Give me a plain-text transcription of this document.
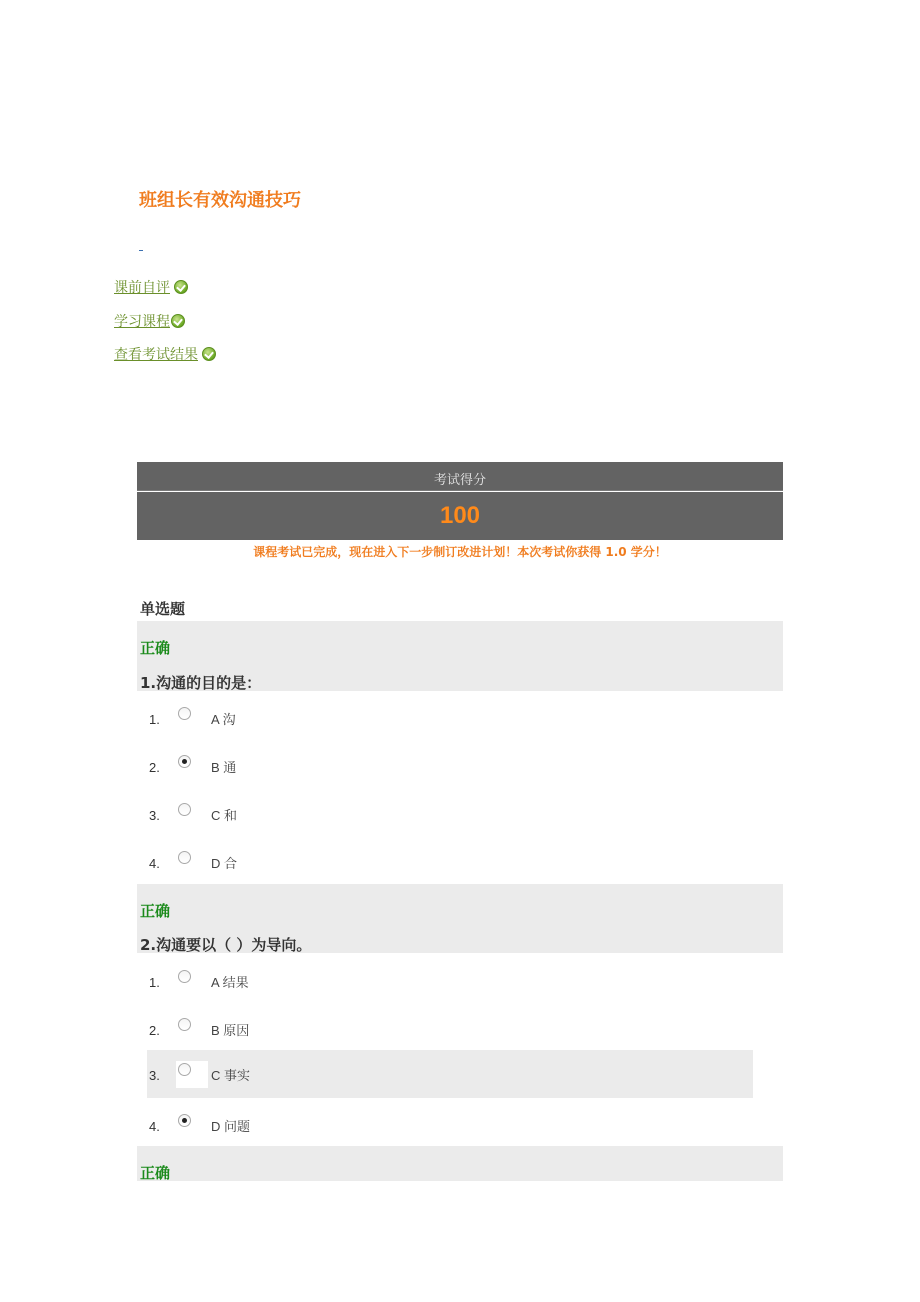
班组长有效沟通技巧
课前自评
学习课程
查看考试结果
考试得分
100
课程考试已完成，现在进入下一步制订改进计划！本次考试你获得 1.0 学分！
单选题
正确
1.沟通的目的是：
1.	A 沟
2.	B 通
3.	C 和
4.	D 合
正确
2.沟通要以（ ）为导向。
1.	A 结果
2.	B 原因
3.	C 事实
4.	D 问题
正确
